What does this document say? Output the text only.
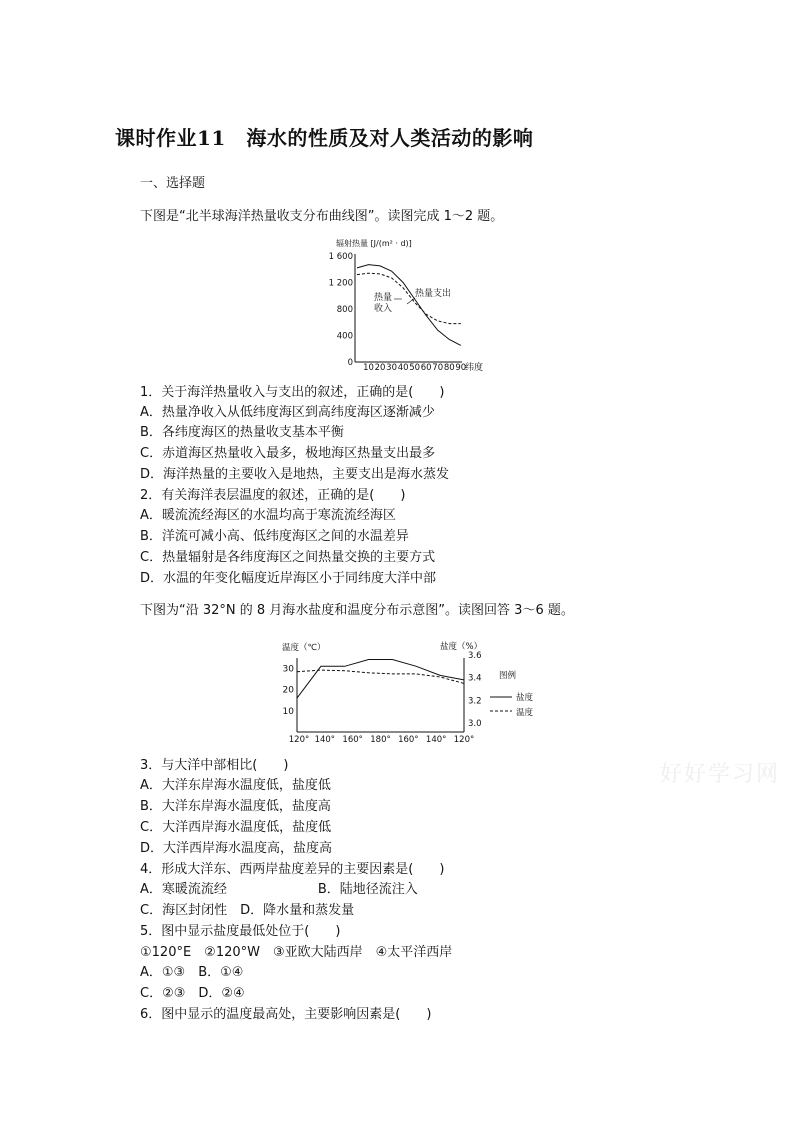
课时作业11　海水的性质及对人类活动的影响
一、选择题
下图是“北半球海洋热量收支分布曲线图”。读图完成 1～2 题。
辐射热量 [J/(m² · d)]
1 600
1 200
800
400
0 10 20 30 40 50 60 70 80 90
纬度
热量
收入
热量支出
1．关于海洋热量收入与支出的叙述，正确的是(　　)
A．热量净收入从低纬度海区到高纬度海区逐渐减少
B．各纬度海区的热量收支基本平衡
C．赤道海区热量收入最多，极地海区热量支出最多
D．海洋热量的主要收入是地热，主要支出是海水蒸发
2．有关海洋表层温度的叙述，正确的是(　　)
A．暖流流经海区的水温均高于寒流流经海区
B．洋流可减小高、低纬度海区之间的水温差异
C．热量辐射是各纬度海区之间热量交换的主要方式
D．水温的年变化幅度近岸海区小于同纬度大洋中部
下图为“沿 32°N 的 8 月海水盐度和温度分布示意图”。读图回答 3～6 题。
温度（℃）	盐度（%）
30
20
10
3.6
3.4
3.2
3.0
120° 140° 160° 180° 160° 140° 120°
图例
盐度
温度
3．与大洋中部相比(　　)
A．大洋东岸海水温度低，盐度低
B．大洋东岸海水温度低，盐度高
C．大洋西岸海水温度低，盐度低
D．大洋西岸海水温度高，盐度高
4．形成大洋东、西两岸盐度差异的主要因素是(　　)
A．寒暖流流经　　　　　　　B．陆地径流注入
C．海区封闭性　D．降水量和蒸发量
5．图中显示盐度最低处位于(　　)
①120°E　②120°W　③亚欧大陆西岸　④太平洋西岸
A．①③　B．①④
C．②③　D．②④
6．图中显示的温度最高处，主要影响因素是(　　)
好好学习网
